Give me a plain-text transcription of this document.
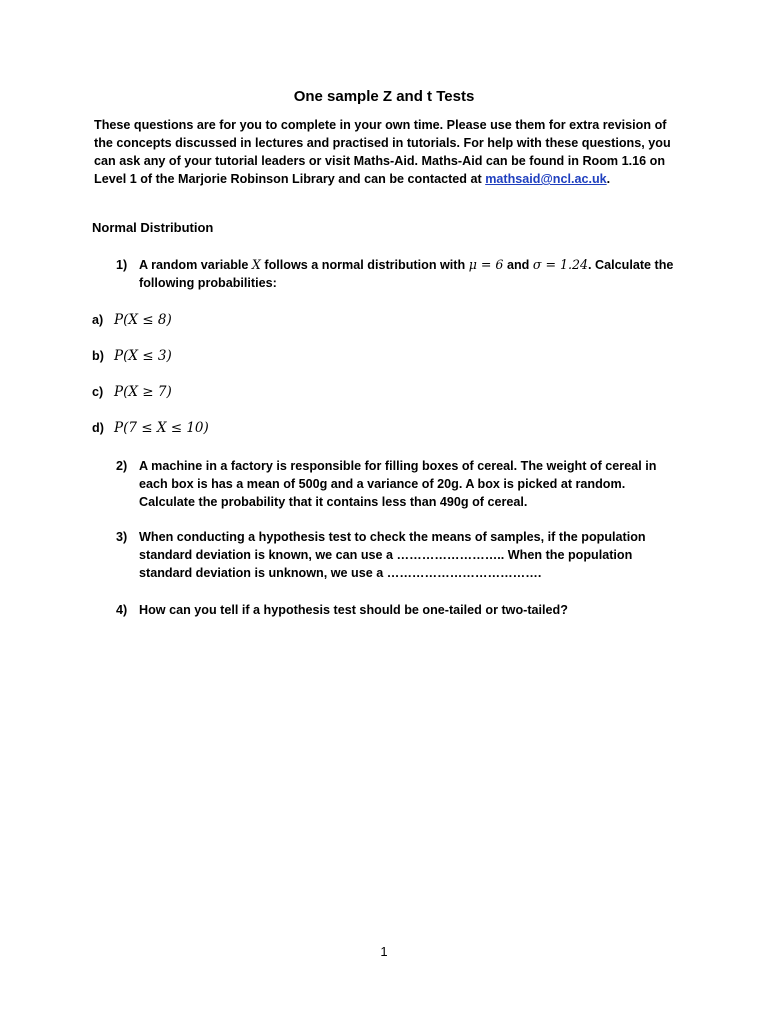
One sample Z and t Tests
These questions are for you to complete in your own time. Please use them for extra revision of the concepts discussed in lectures and practised in tutorials. For help with these questions, you can ask any of your tutorial leaders or visit Maths-Aid. Maths-Aid can be found in Room 1.16 on Level 1 of the Marjorie Robinson Library and can be contacted at mathsaid@ncl.ac.uk.
Normal Distribution
1) A random variable X follows a normal distribution with μ = 6 and σ = 1.24. Calculate the following probabilities:
a) P(X ≤ 8)
b) P(X ≤ 3)
c) P(X ≥ 7)
d) P(7 ≤ X ≤ 10)
2) A machine in a factory is responsible for filling boxes of cereal. The weight of cereal in each box is has a mean of 500g and a variance of 20g. A box is picked at random. Calculate the probability that it contains less than 490g of cereal.
3) When conducting a hypothesis test to check the means of samples, if the population standard deviation is known, we can use a …………………….. When the population standard deviation is unknown, we use a ……………………………….
4) How can you tell if a hypothesis test should be one-tailed or two-tailed?
1
